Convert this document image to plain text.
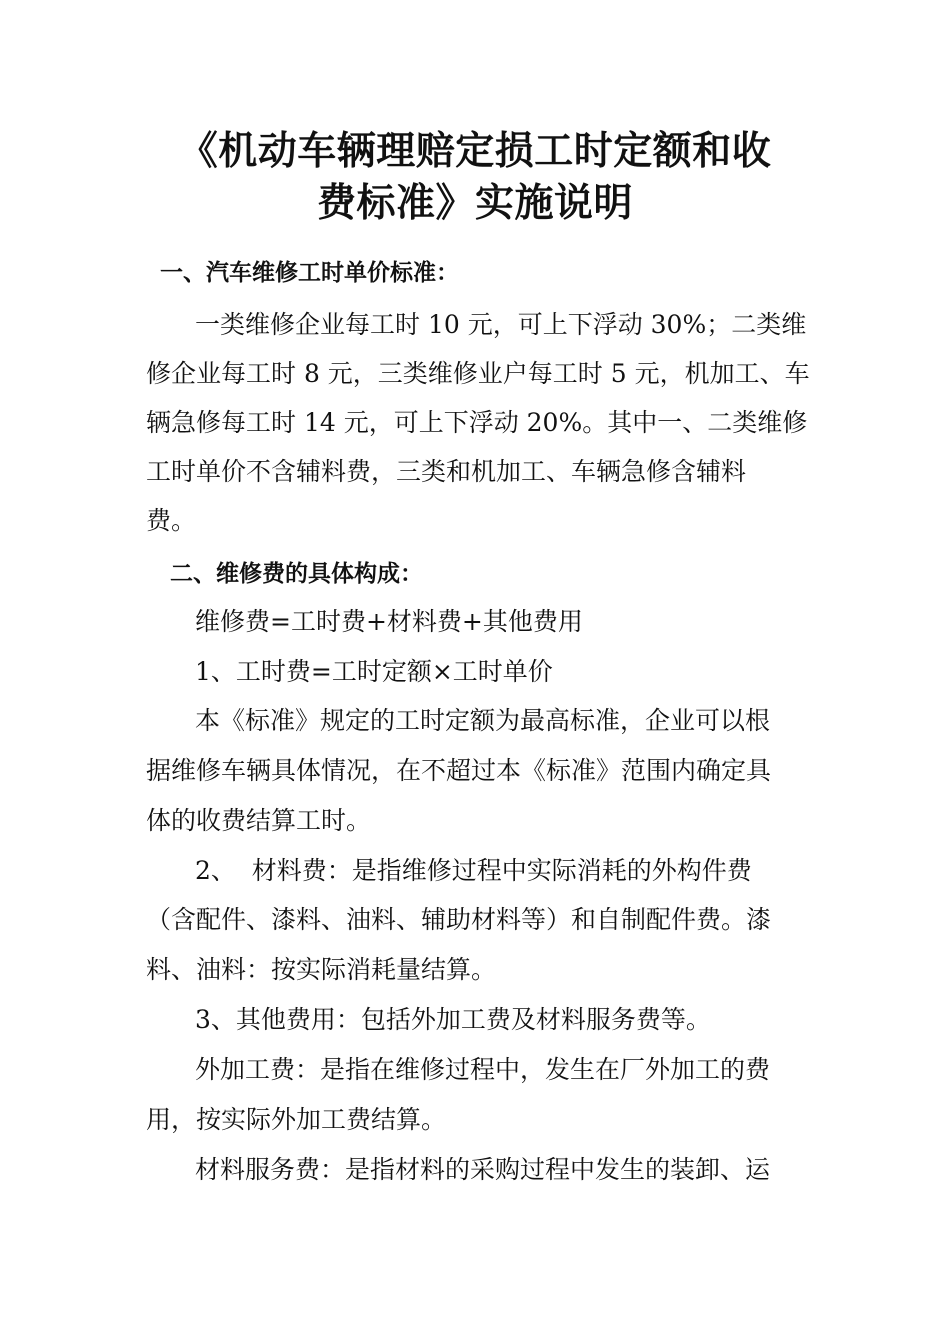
《机动车辆理赔定损工时定额和收
费标准》实施说明

一、汽车维修工时单价标准：

一类维修企业每工时 10 元，可上下浮动 30%；二类维

修企业每工时 8 元，三类维修业户每工时 5 元，机加工、车

辆急修每工时 14 元，可上下浮动 20%。其中一、二类维修

工时单价不含辅料费，三类和机加工、车辆急修含辅料

费。

二、维修费的具体构成：

维修费=工时费+材料费+其他费用

1、工时费=工时定额×工时单价

本《标准》规定的工时定额为最高标准，企业可以根

据维修车辆具体情况，在不超过本《标准》范围内确定具

体的收费结算工时。

2、  材料费：是指维修过程中实际消耗的外构件费

（含配件、漆料、油料、辅助材料等）和自制配件费。漆

料、油料：按实际消耗量结算。

3、其他费用：包括外加工费及材料服务费等。

外加工费：是指在维修过程中，发生在厂外加工的费

用，按实际外加工费结算。

材料服务费：是指材料的采购过程中发生的装卸、运
